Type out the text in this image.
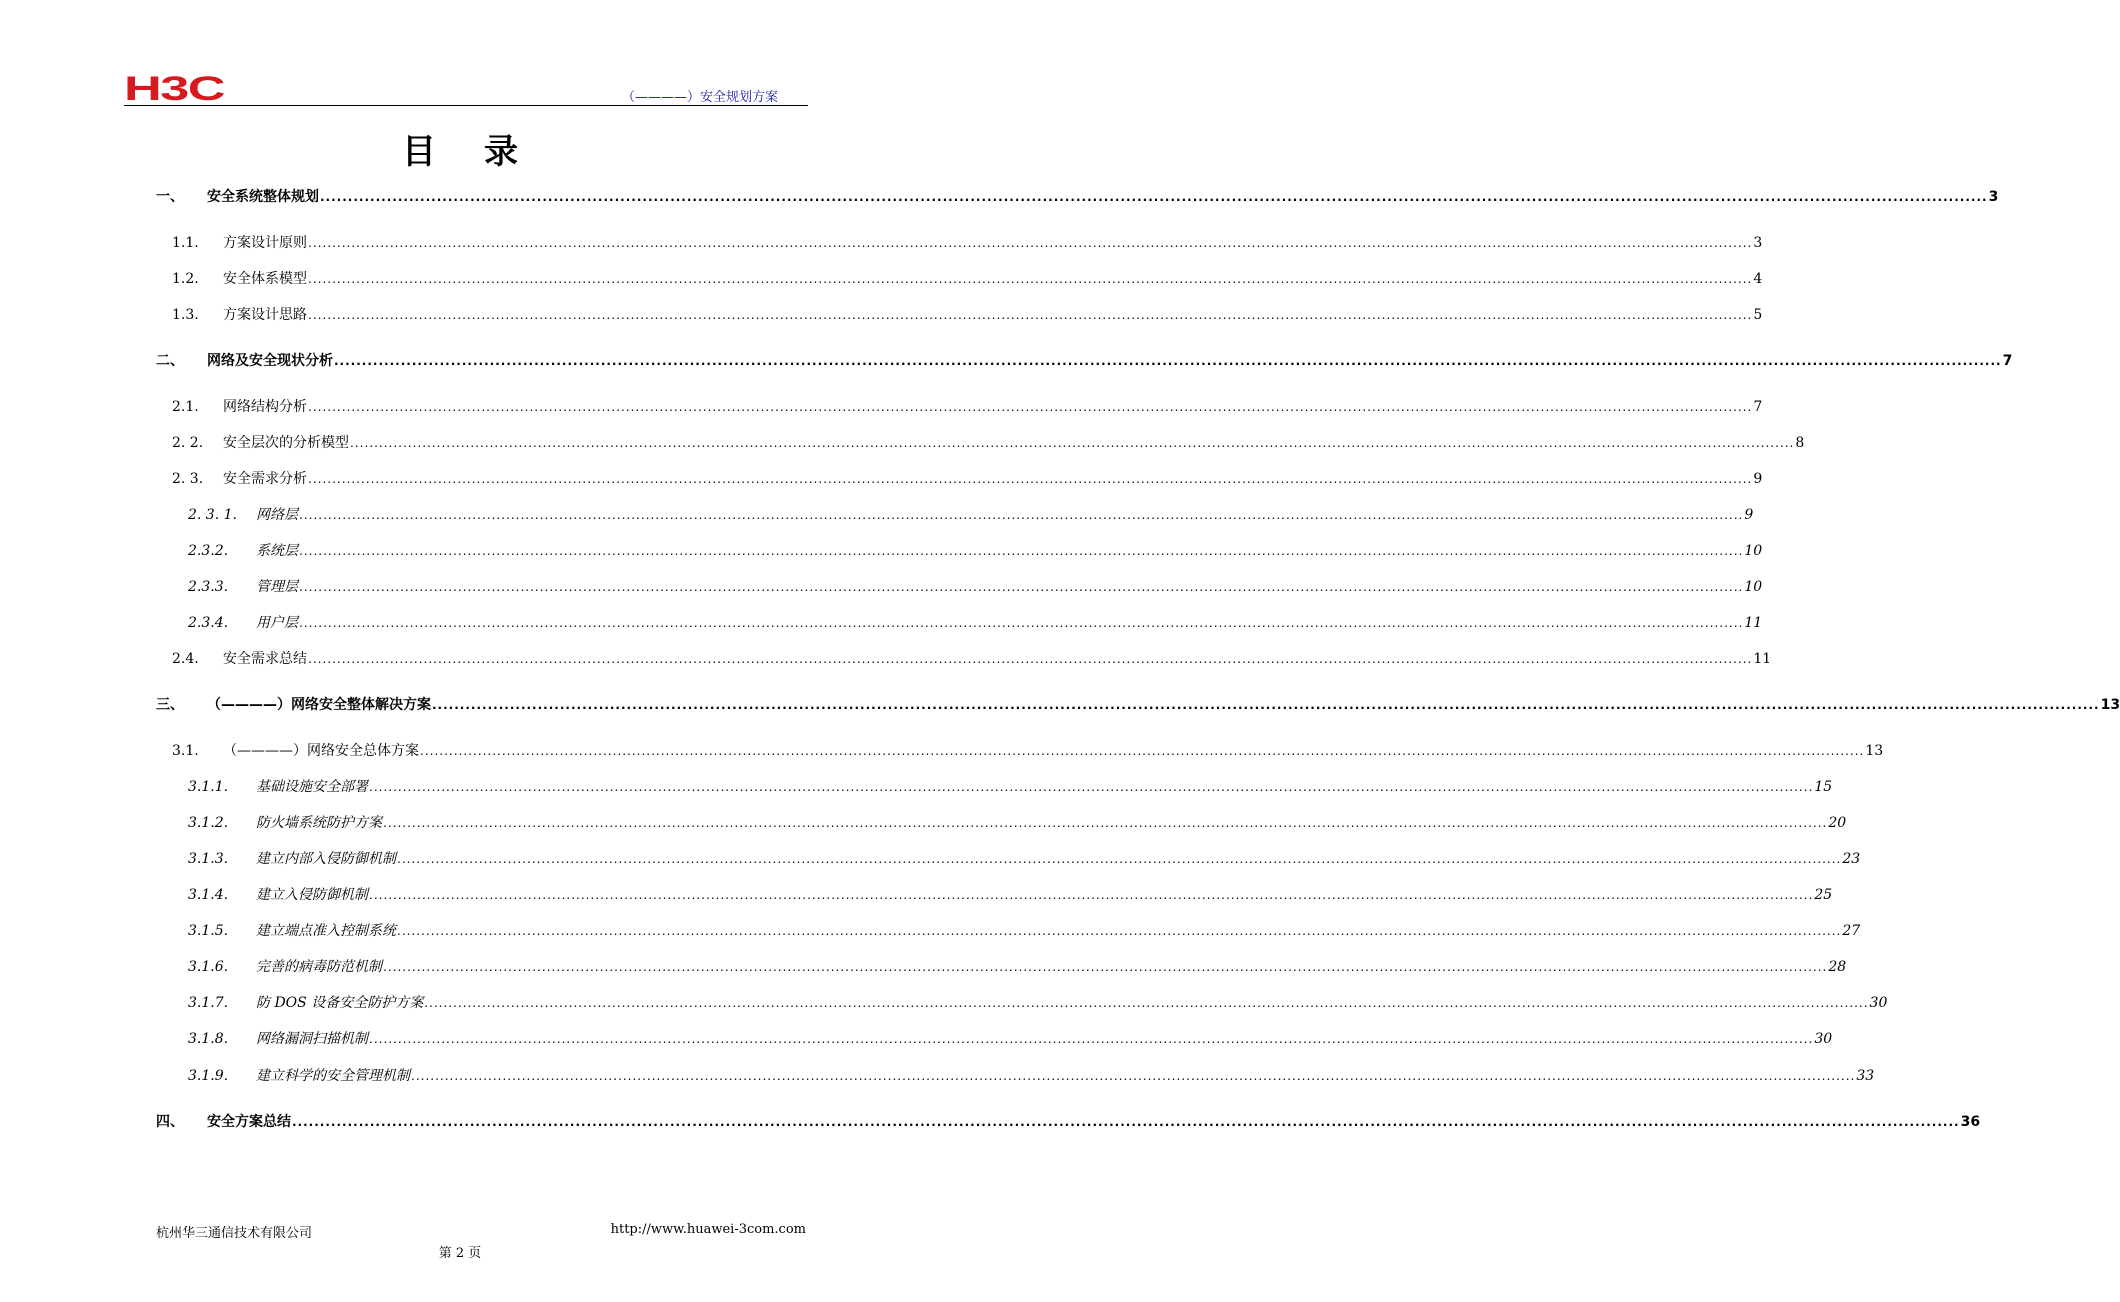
H3C	（————）安全规划方案
目录
一、 安全系统整体规划 ............................................................................................................................................................................................................................................................................................................ 3
1.1. 方案设计原则 ............................................................................................................................................................................................................................................................................................................ 3
1.2. 安全体系模型 ............................................................................................................................................................................................................................................................................................................ 4
1.3. 方案设计思路 ............................................................................................................................................................................................................................................................................................................ 5
二、 网络及安全现状分析 ............................................................................................................................................................................................................................................................................................................ 7
2.1. 网络结构分析 ............................................................................................................................................................................................................................................................................................................ 7
2. 2. 安全层次的分析模型 ............................................................................................................................................................................................................................................................................................................ 8
2. 3. 安全需求分析 ............................................................................................................................................................................................................................................................................................................ 9
2. 3. 1. 网络层 ............................................................................................................................................................................................................................................................................................................ 9
2.3.2. 系统层 ............................................................................................................................................................................................................................................................................................................ 10
2.3.3. 管理层 ............................................................................................................................................................................................................................................................................................................ 10
2.3.4. 用户层 ............................................................................................................................................................................................................................................................................................................ 11
2.4. 安全需求总结 ............................................................................................................................................................................................................................................................................................................ 11
三、 （————）网络安全整体解决方案 ............................................................................................................................................................................................................................................................................................................ 13
3.1. （————）网络安全总体方案 ............................................................................................................................................................................................................................................................................................................ 13
3.1.1. 基础设施安全部署 ............................................................................................................................................................................................................................................................................................................ 15
3.1.2. 防火墙系统防护方案 ............................................................................................................................................................................................................................................................................................................ 20
3.1.3. 建立内部入侵防御机制 ............................................................................................................................................................................................................................................................................................................ 23
3.1.4. 建立入侵防御机制 ............................................................................................................................................................................................................................................................................................................ 25
3.1.5. 建立端点准入控制系统 ............................................................................................................................................................................................................................................................................................................ 27
3.1.6. 完善的病毒防范机制 ............................................................................................................................................................................................................................................................................................................ 28
3.1.7. 防 DOS 设备安全防护方案 ............................................................................................................................................................................................................................................................................................................ 30
3.1.8. 网络漏洞扫描机制 ............................................................................................................................................................................................................................................................................................................ 30
3.1.9. 建立科学的安全管理机制 ............................................................................................................................................................................................................................................................................................................ 33
四、 安全方案总结 ............................................................................................................................................................................................................................................................................................................ 36
杭州华三通信技术有限公司	http://www.huawei-3com.com
第 2 页
